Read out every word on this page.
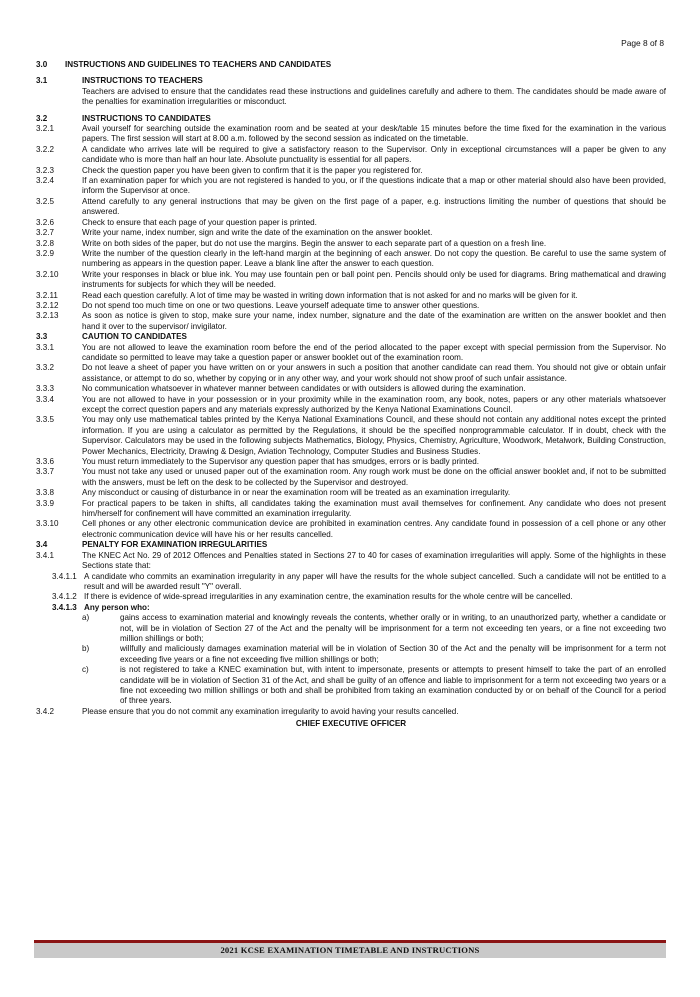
Page 8 of 8
3.0	INSTRUCTIONS AND GUIDELINES TO TEACHERS AND CANDIDATES
3.1	INSTRUCTIONS TO TEACHERS
Teachers are advised to ensure that the candidates read these instructions and guidelines carefully and adhere to them. The candidates should be made aware of the penalties for examination irregularities or misconduct.
3.2	INSTRUCTIONS TO CANDIDATES
3.2.1	Avail yourself for searching outside the examination room and be seated at your desk/table 15 minutes before the time fixed for the examination in the various papers. The first session will start at 8.00 a.m. followed by the second session as indicated on the timetable.
3.2.2	A candidate who arrives late will be required to give a satisfactory reason to the Supervisor. Only in exceptional circumstances will a paper be given to any candidate who is more than half an hour late. Absolute punctuality is essential for all papers.
3.2.3	Check the question paper you have been given to confirm that it is the paper you registered for.
3.2.4	If an examination paper for which you are not registered is handed to you, or if the questions indicate that a map or other material should also have been provided, inform the Supervisor at once.
3.2.5	Attend carefully to any general instructions that may be given on the first page of a paper, e.g. instructions limiting the number of questions that should be answered.
3.2.6	Check to ensure that each page of your question paper is printed.
3.2.7	Write your name, index number, sign and write the date of the examination on the answer booklet.
3.2.8	Write on both sides of the paper, but do not use the margins. Begin the answer to each separate part of a question on a fresh line.
3.2.9	Write the number of the question clearly in the left-hand margin at the beginning of each answer. Do not copy the question. Be careful to use the same system of numbering as appears in the question paper. Leave a blank line after the answer to each question.
3.2.10	Write your responses in black or blue ink. You may use fountain pen or ball point pen. Pencils should only be used for diagrams. Bring mathematical and drawing instruments for subjects for which they will be needed.
3.2.11	Read each question carefully. A lot of time may be wasted in writing down information that is not asked for and no marks will be given for it.
3.2.12	Do not spend too much time on one or two questions. Leave yourself adequate time to answer other questions.
3.2.13	As soon as notice is given to stop, make sure your name, index number, signature and the date of the examination are written on the answer booklet and then hand it over to the supervisor/ invigilator.
3.3	CAUTION TO CANDIDATES
3.3.1	You are not allowed to leave the examination room before the end of the period allocated to the paper except with special permission from the Supervisor. No candidate so permitted to leave may take a question paper or answer booklet out of the examination room.
3.3.2	Do not leave a sheet of paper you have written on or your answers in such a position that another candidate can read them. You should not give or obtain unfair assistance, or attempt to do so, whether by copying or in any other way, and your work should not show proof of such unfair assistance.
3.3.3	No communication whatsoever in whatever manner between candidates or with outsiders is allowed during the examination.
3.3.4	You are not allowed to have in your possession or in your proximity while in the examination room, any book, notes, papers or any other materials whatsoever except the correct question papers and any materials expressly authorized by the Kenya National Examinations Council.
3.3.5	You may only use mathematical tables printed by the Kenya National Examinations Council, and these should not contain any additional notes except the printed information. If you are using a calculator as permitted by the Regulations, it should be the specified nonprogrammable calculator. If in doubt, check with the Supervisor. Calculators may be used in the following subjects Mathematics, Biology, Physics, Chemistry, Agriculture, Woodwork, Metalwork, Building Construction, Power Mechanics, Electricity, Drawing & Design, Aviation Technology, Computer Studies and Business Studies.
3.3.6	You must return immediately to the Supervisor any question paper that has smudges, errors or is badly printed.
3.3.7	You must not take any used or unused paper out of the examination room. Any rough work must be done on the official answer booklet and, if not to be submitted with the answers, must be left on the desk to be collected by the Supervisor and destroyed.
3.3.8	Any misconduct or causing of disturbance in or near the examination room will be treated as an examination irregularity.
3.3.9	For practical papers to be taken in shifts, all candidates taking the examination must avail themselves for confinement. Any candidate who does not present him/herself for confinement will have committed an examination irregularity.
3.3.10	Cell phones or any other electronic communication device are prohibited in examination centres. Any candidate found in possession of a cell phone or any other electronic communication device will have his or her results cancelled.
3.4	PENALTY FOR EXAMINATION IRREGULARITIES
3.4.1	The KNEC Act No. 29 of 2012 Offences and Penalties stated in Sections 27 to 40 for cases of examination irregularities will apply. Some of the highlights in these Sections state that:
3.4.1.1 A candidate who commits an examination irregularity in any paper will have the results for the whole subject cancelled. Such a candidate will not be entitled to a result and will be awarded result "Y" overall.
3.4.1.2 If there is evidence of wide-spread irregularities in any examination centre, the examination results for the whole centre will be cancelled.
3.4.1.3 Any person who:
a)	gains access to examination material and knowingly reveals the contents, whether orally or in writing, to an unauthorized party, whether a candidate or not, will be in violation of Section 27 of the Act and the penalty will be imprisonment for a term not exceeding ten years, or a fine not exceeding two million shillings or both;
b)	willfully and maliciously damages examination material will be in violation of Section 30 of the Act and the penalty will be imprisonment for a term not exceeding five years or a fine not exceeding five million shillings or both;
c)	is not registered to take a KNEC examination but, with intent to impersonate, presents or attempts to present himself to take the part of an enrolled candidate will be in violation of Section 31 of the Act, and shall be guilty of an offence and liable to imprisonment for a term not exceeding two years or a fine not exceeding two million shillings or both and shall be prohibited from taking an examination conducted by or on behalf of the Council for a period of three years.
3.4.2	Please ensure that you do not commit any examination irregularity to avoid having your results cancelled.
CHIEF EXECUTIVE OFFICER
2021 KCSE EXAMINATION TIMETABLE AND INSTRUCTIONS
